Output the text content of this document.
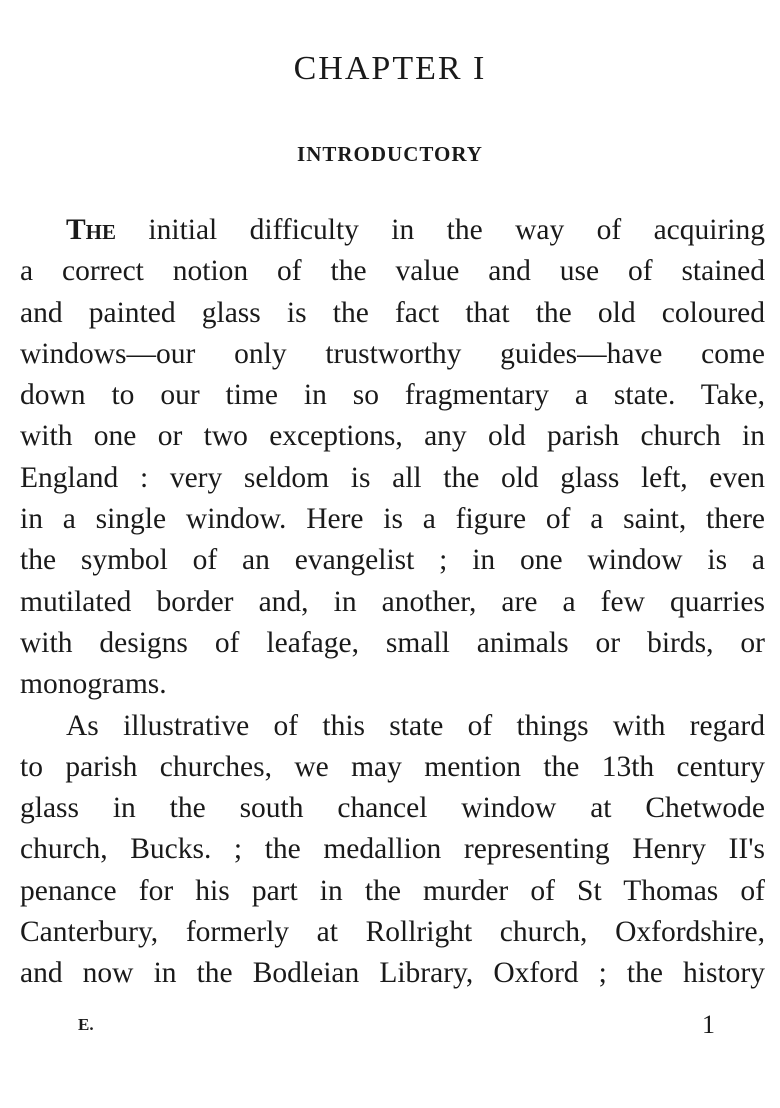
CHAPTER I
INTRODUCTORY
The initial difficulty in the way of acquiring
a correct notion of the value and use of stained
and painted glass is the fact that the old coloured
windows—our only trustworthy guides—have come
down to our time in so fragmentary a state. Take,
with one or two exceptions, any old parish church in
England : very seldom is all the old glass left, even
in a single window. Here is a figure of a saint, there
the symbol of an evangelist ; in one window is a
mutilated border and, in another, are a few quarries
with designs of leafage, small animals or birds, or
monograms.
As illustrative of this state of things with regard
to parish churches, we may mention the 13th century
glass in the south chancel window at Chetwode
church, Bucks. ; the medallion representing Henry II's
penance for his part in the murder of St Thomas of
Canterbury, formerly at Rollright church, Oxfordshire,
and now in the Bodleian Library, Oxford ; the history
E.	1
